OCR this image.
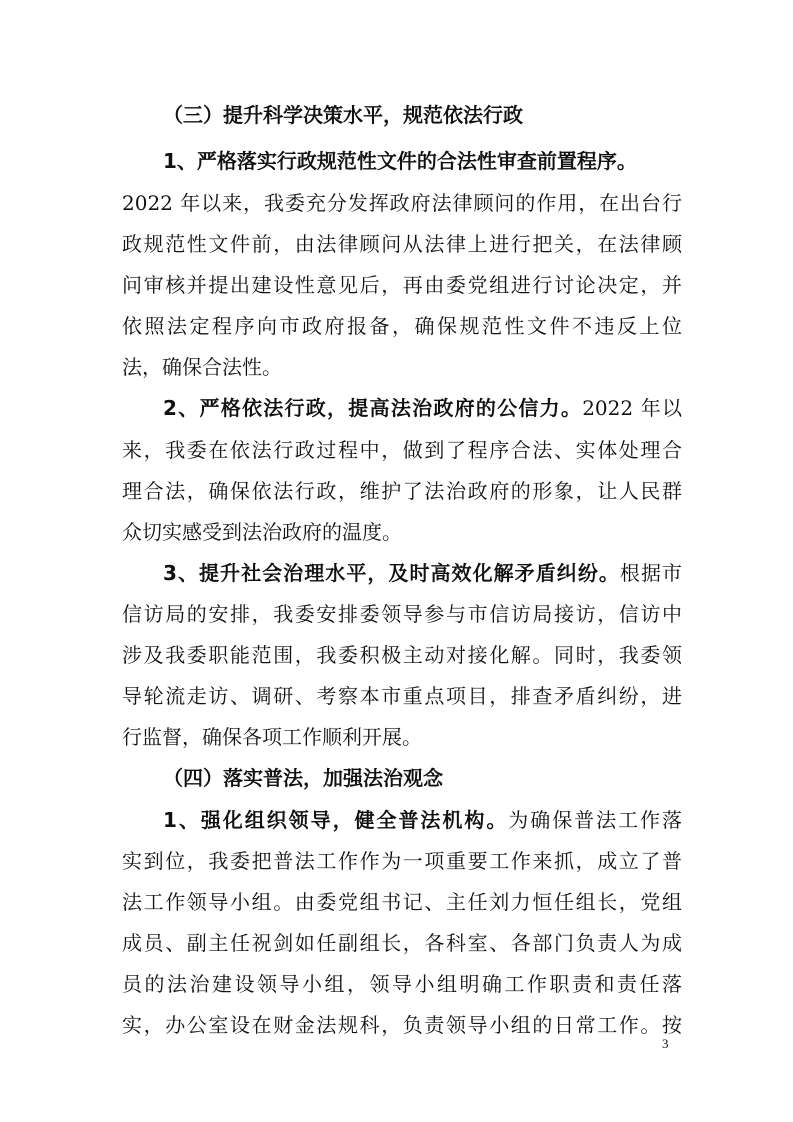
（三）提升科学决策水平，规范依法行政
1、严格落实行政规范性文件的合法性审查前置程序。
2022 年以来，我委充分发挥政府法律顾问的作用，在出台行
政规范性文件前，由法律顾问从法律上进行把关，在法律顾
问审核并提出建设性意见后，再由委党组进行讨论决定，并
依照法定程序向市政府报备，确保规范性文件不违反上位
法，确保合法性。
2、严格依法行政，提高法治政府的公信力。2022 年以
来，我委在依法行政过程中，做到了程序合法、实体处理合
理合法，确保依法行政，维护了法治政府的形象，让人民群
众切实感受到法治政府的温度。
3、提升社会治理水平，及时高效化解矛盾纠纷。根据市
信访局的安排，我委安排委领导参与市信访局接访，信访中
涉及我委职能范围，我委积极主动对接化解。同时，我委领
导轮流走访、调研、考察本市重点项目，排查矛盾纠纷，进
行监督，确保各项工作顺利开展。
（四）落实普法，加强法治观念
1、强化组织领导，健全普法机构。为确保普法工作落
实到位，我委把普法工作作为一项重要工作来抓，成立了普
法工作领导小组。由委党组书记、主任刘力恒任组长，党组
成员、副主任祝剑如任副组长，各科室、各部门负责人为成
员的法治建设领导小组，领导小组明确工作职责和责任落
实，办公室设在财金法规科，负责领导小组的日常工作。按
3
